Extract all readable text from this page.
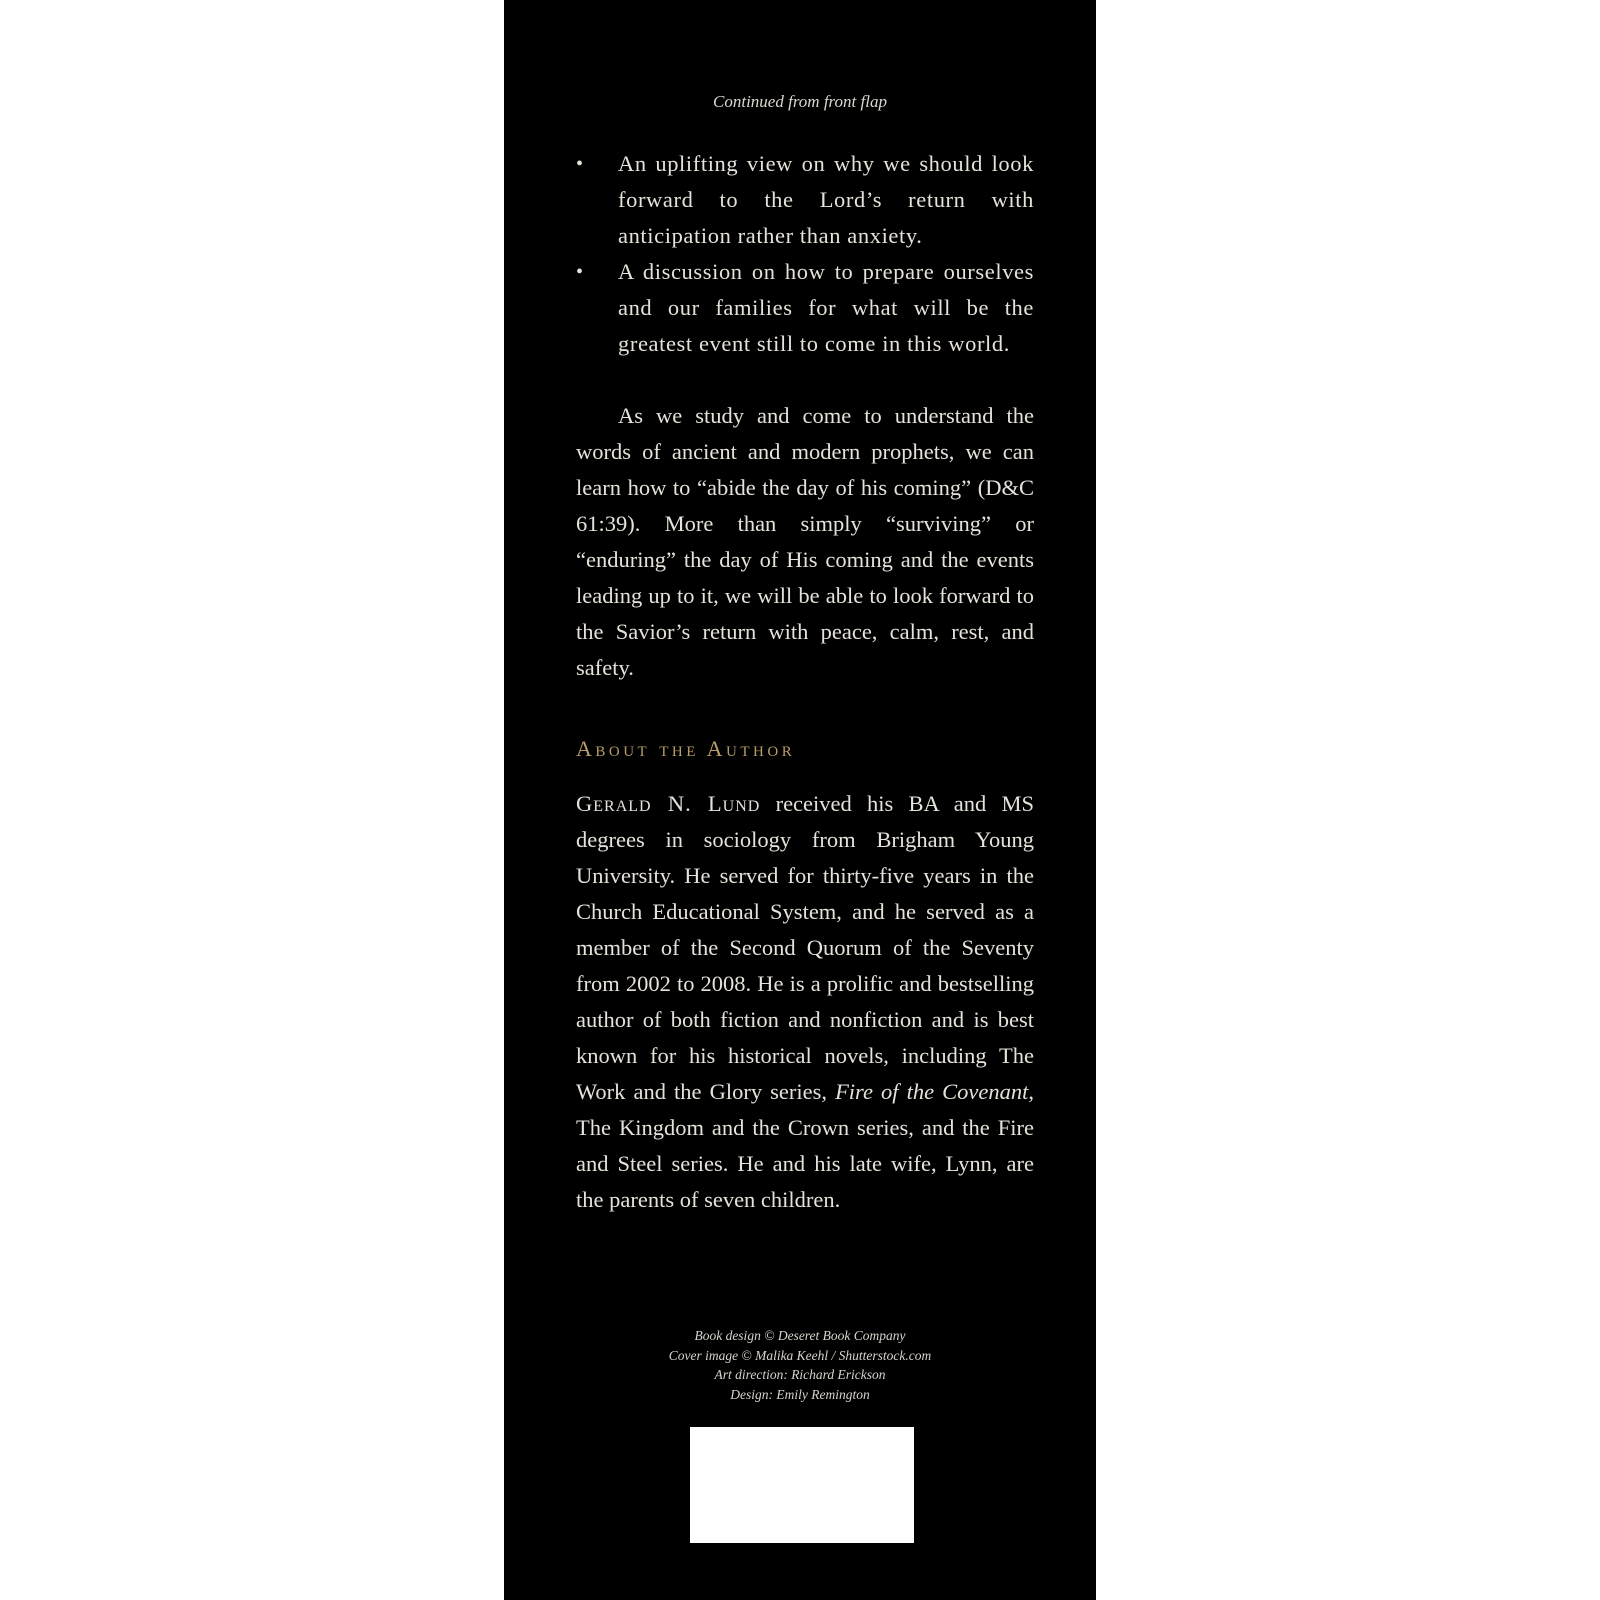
Continued from front flap
• An uplifting view on why we should look forward to the Lord’s return with anticipation rather than anxiety.
• A discussion on how to prepare ourselves and our families for what will be the greatest event still to come in this world.

As we study and come to understand the words of ancient and modern prophets, we can learn how to “abide the day of his coming” (D&C 61:39). More than simply “surviving” or “enduring” the day of His coming and the events leading up to it, we will be able to look forward to the Savior’s return with peace, calm, rest, and safety.

About the Author

Gerald N. Lund received his BA and MS degrees in sociology from Brigham Young University. He served for thirty-five years in the Church Educational System, and he served as a member of the Second Quorum of the Seventy from 2002 to 2008. He is a prolific and bestselling author of both fiction and nonfiction and is best known for his historical novels, including The Work and the Glory series, Fire of the Covenant, The Kingdom and the Crown series, and the Fire and Steel series. He and his late wife, Lynn, are the parents of seven children.

Book design © Deseret Book Company
Cover image © Malika Keehl / Shutterstock.com
Art direction: Richard Erickson
Design: Emily Remington
